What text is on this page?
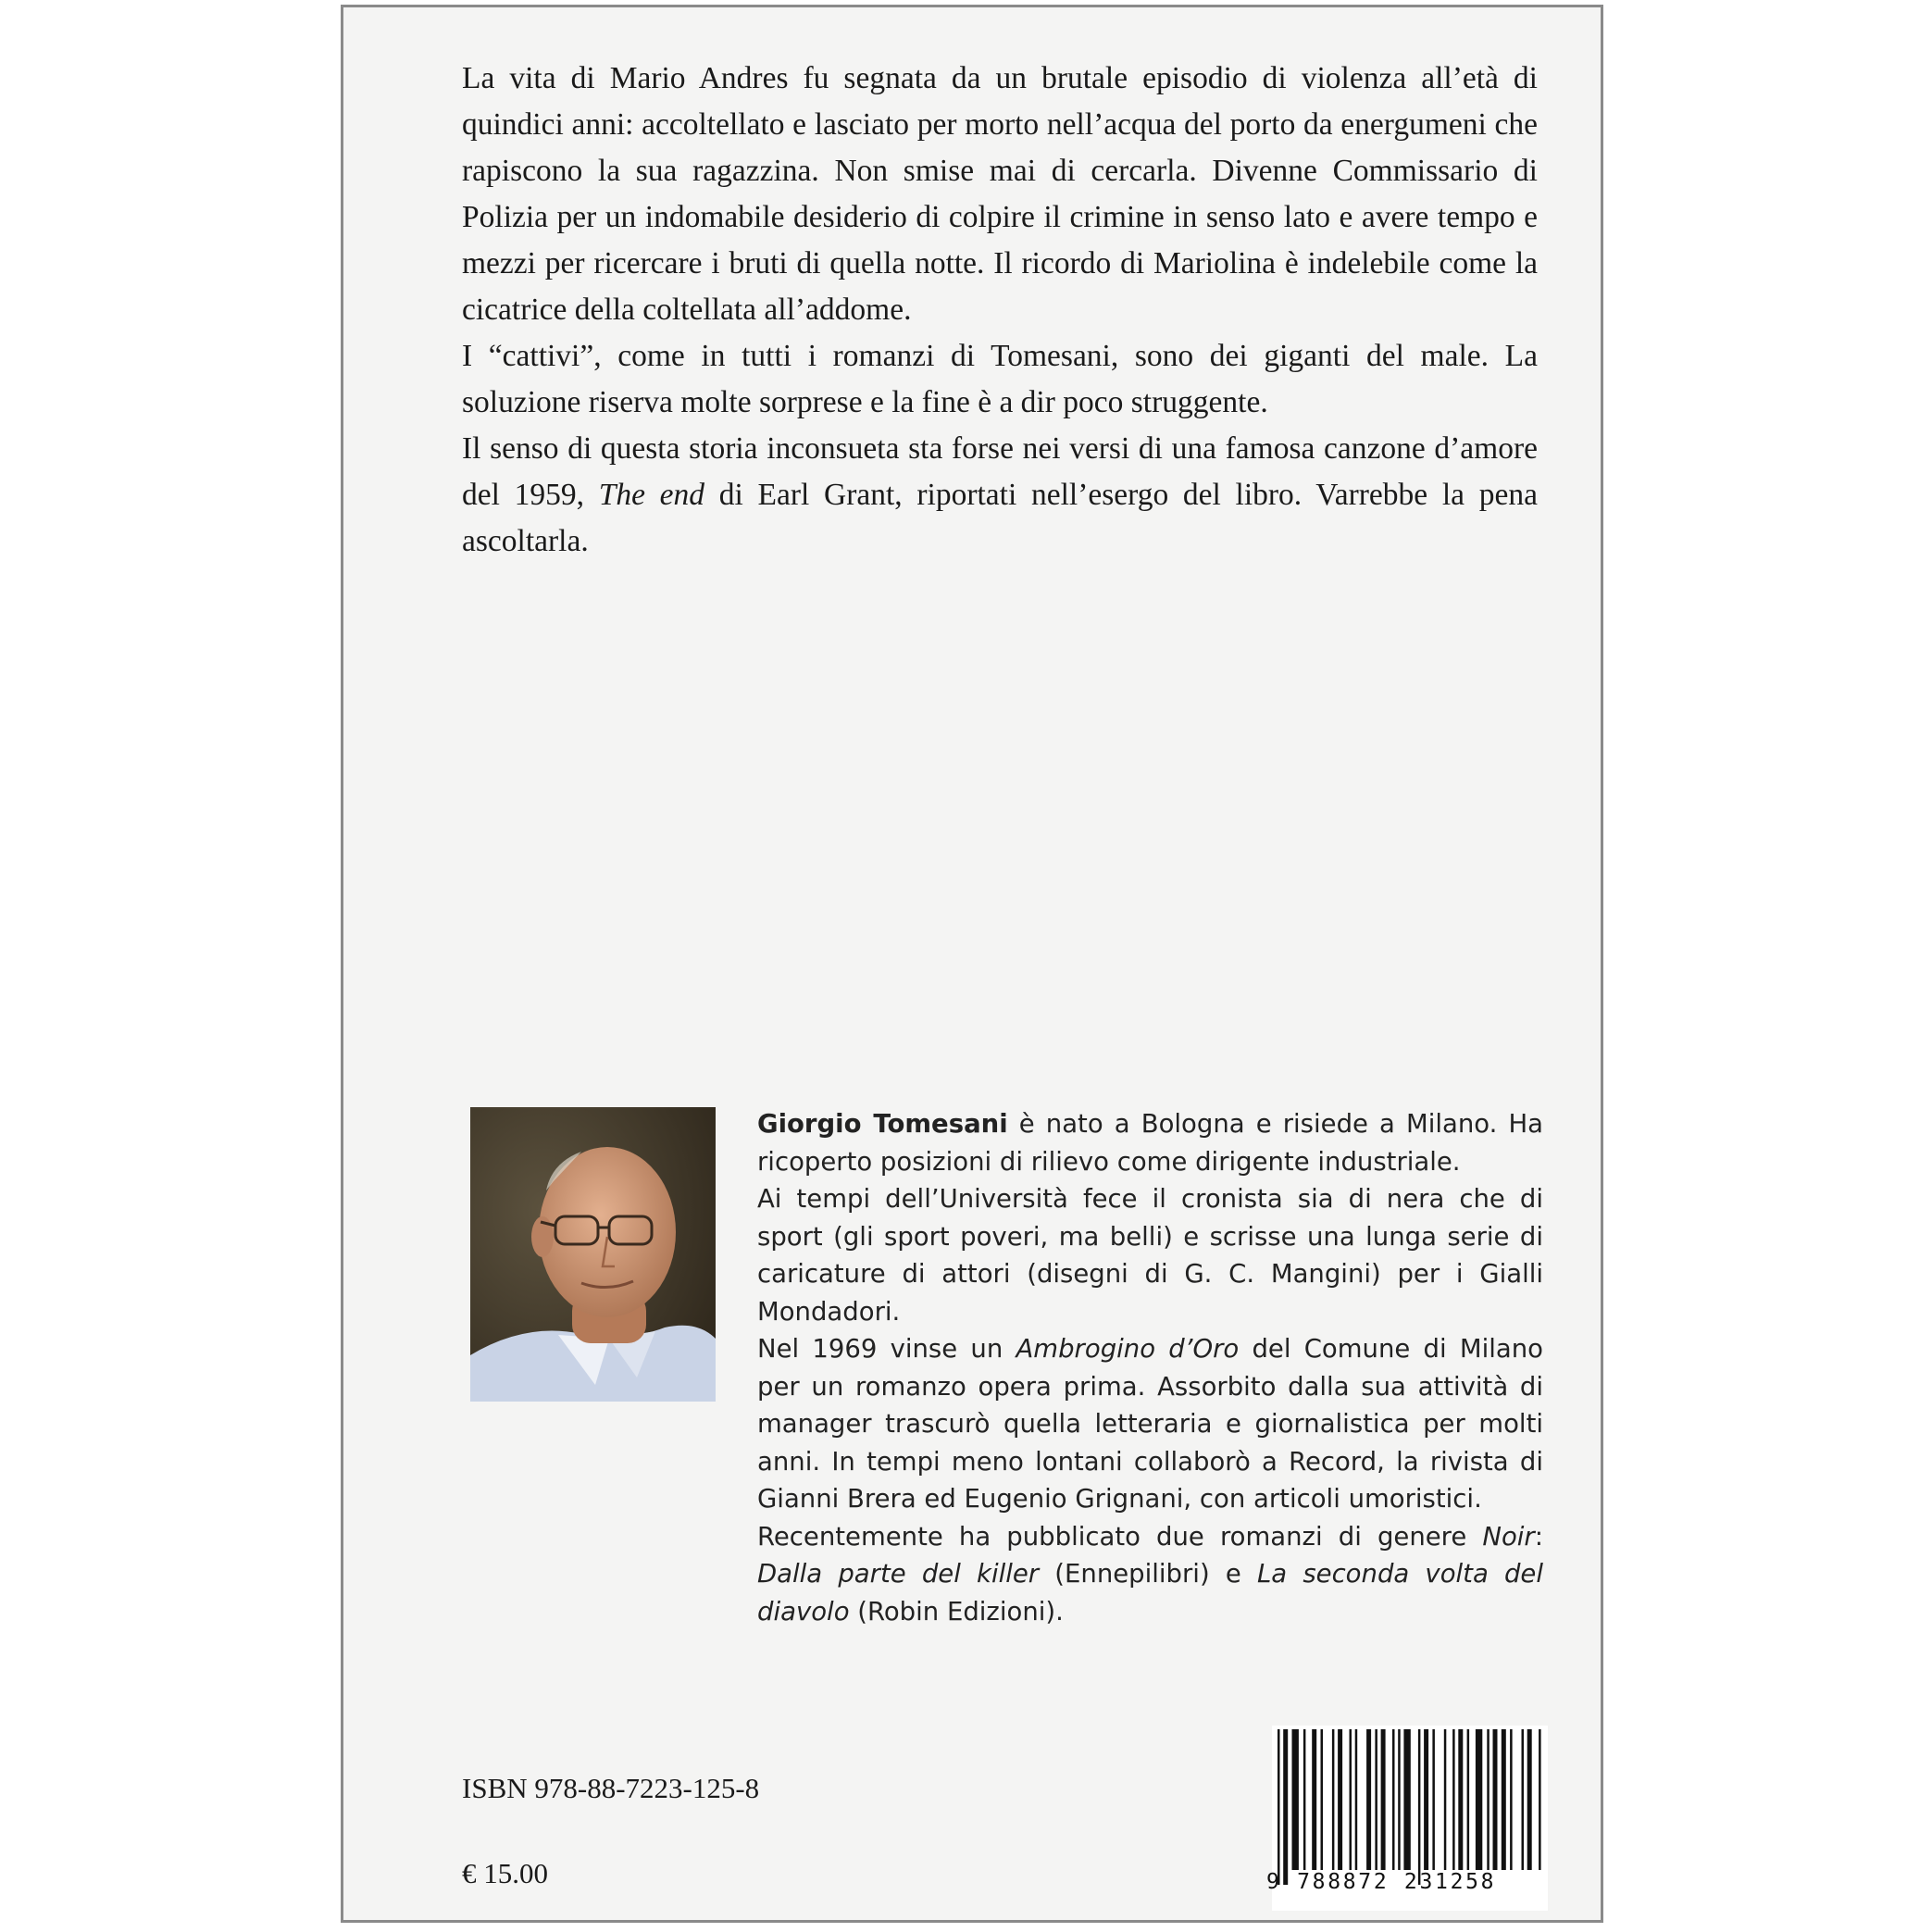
La vita di Mario Andres fu segnata da un brutale episodio di violenza all’età di quindici anni: accoltellato e lasciato per morto nell’acqua del porto da energumeni che rapiscono la sua ragazzina. Non smise mai di cercarla. Divenne Commissario di Polizia per un indomabile desiderio di colpire il crimine in senso lato e avere tempo e mezzi per ricercare i bruti di quella notte. Il ricordo di Mariolina è indelebile come la cicatrice della coltellata all’addome.

I “cattivi”, come in tutti i romanzi di Tomesani, sono dei giganti del male. La soluzione riserva molte sorprese e la fine è a dir poco struggente.

Il senso di questa storia inconsueta sta forse nei versi di una famosa canzone d’amore del 1959, The end di Earl Grant, riportati nell’esergo del libro. Varrebbe la pena ascoltarla.

Giorgio Tomesani è nato a Bologna e risiede a Milano. Ha ricoperto posizioni di rilievo come dirigente industriale.

Ai tempi dell’Università fece il cronista sia di nera che di sport (gli sport poveri, ma belli) e scrisse una lunga serie di caricature di attori (disegni di G. C. Mangini) per i Gialli Mondadori.

Nel 1969 vinse un Ambrogino d’Oro del Comune di Milano per un romanzo opera prima. Assorbito dalla sua attività di manager trascurò quella letteraria e giornalistica per molti anni. In tempi meno lontani collaborò a Record, la rivista di Gianni Brera ed Eugenio Grignani, con articoli umoristici.

Recentemente ha pubblicato due romanzi di genere Noir: Dalla parte del killer (Ennepilibri) e La seconda volta del diavolo (Robin Edizioni).

ISBN 978-88-7223-125-8
€ 15.00	9 788872 231258
